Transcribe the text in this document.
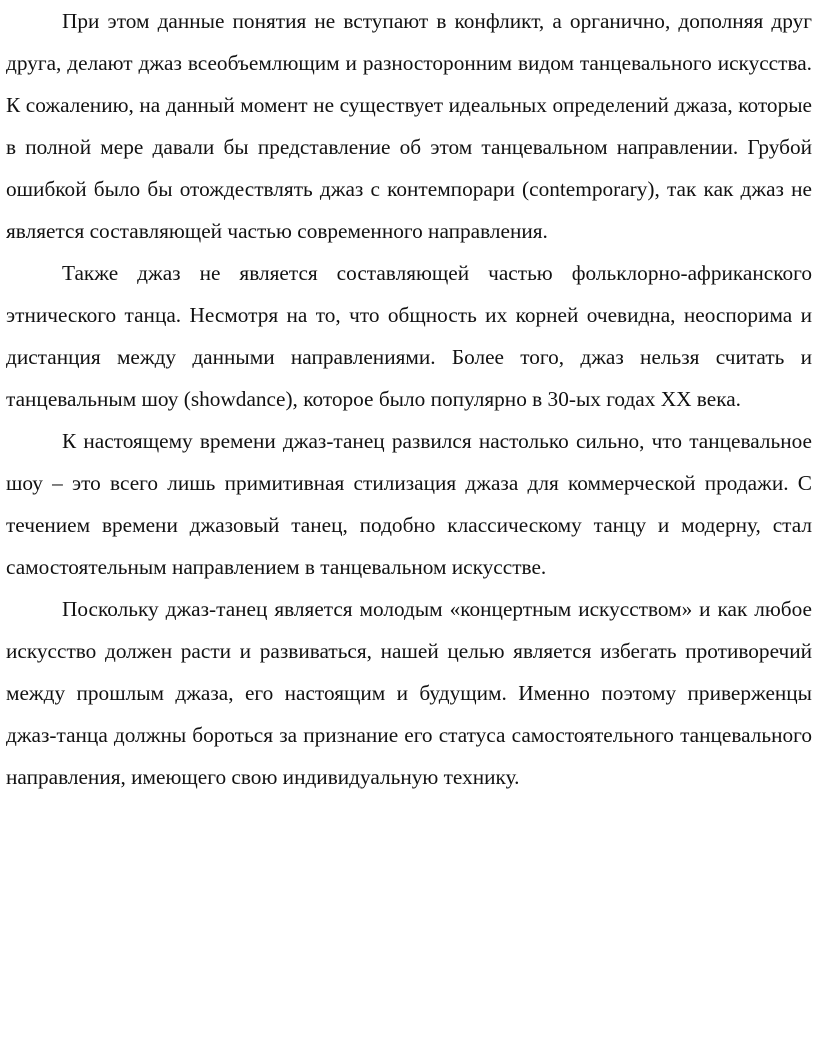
При этом данные понятия не вступают в конфликт, а органично, дополняя друг друга, делают джаз всеобъемлющим и разносторонним видом танцевального искусства. К сожалению, на данный момент не существует идеальных определений джаза, которые в полной мере давали бы представление об этом танцевальном направлении. Грубой ошибкой было бы отождествлять джаз с контемпорари (contemporary), так как джаз не является составляющей частью современного направления.

Также джаз не является составляющей частью фольклорно-африканского этнического танца. Несмотря на то, что общность их корней очевидна, неоспорима и дистанция между данными направлениями. Более того, джаз нельзя считать и танцевальным шоу (showdance), которое было популярно в 30-ых годах XX века.

К настоящему времени джаз-танец развился настолько сильно, что танцевальное шоу – это всего лишь примитивная стилизация джаза для коммерческой продажи. С течением времени джазовый танец, подобно классическому танцу и модерну, стал самостоятельным направлением в танцевальном искусстве.

Поскольку джаз-танец является молодым «концертным искусством» и как любое искусство должен расти и развиваться, нашей целью является избегать противоречий между прошлым джаза, его настоящим и будущим. Именно поэтому приверженцы джаз-танца должны бороться за признание его статуса самостоятельного танцевального направления, имеющего свою индивидуальную технику.
